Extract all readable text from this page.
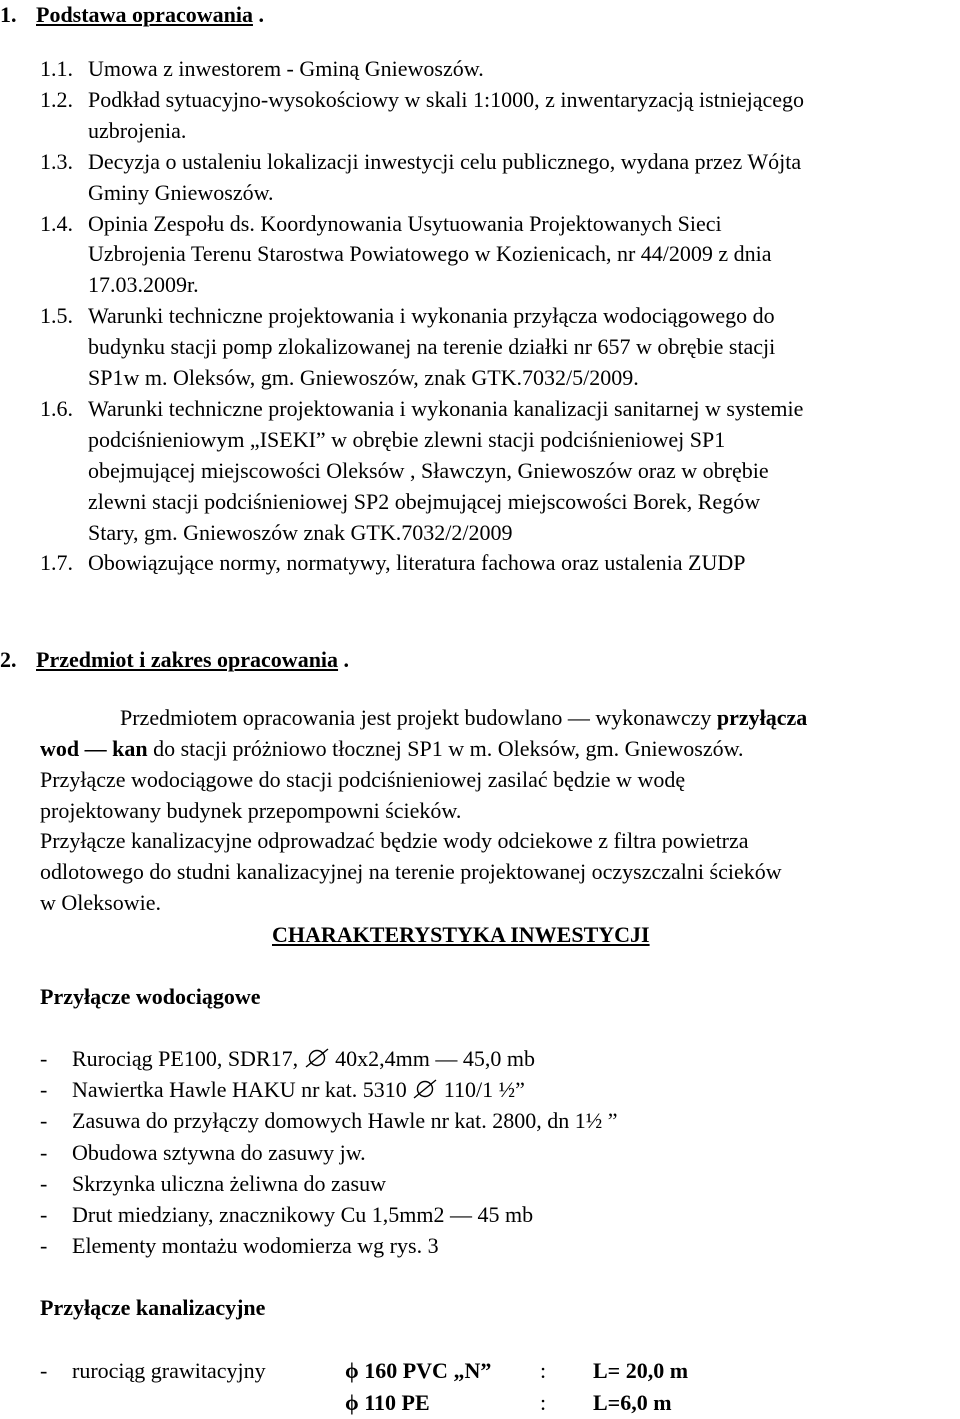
1. Podstawa opracowania .
1.1. Umowa z inwestorem - Gminą Gniewoszów.
1.2. Podkład sytuacyjno-wysokościowy w skali 1:1000, z inwentaryzacją istniejącego
uzbrojenia.
1.3. Decyzja o ustaleniu lokalizacji inwestycji celu publicznego, wydana przez Wójta
Gminy Gniewoszów.
1.4. Opinia Zespołu ds. Koordynowania Usytuowania Projektowanych Sieci
Uzbrojenia Terenu Starostwa Powiatowego w Kozienicach, nr 44/2009 z dnia
17.03.2009r.
1.5. Warunki techniczne projektowania i wykonania przyłącza wodociągowego do
budynku stacji pomp zlokalizowanej na terenie działki nr 657 w obrębie stacji
SP1w m. Oleksów, gm. Gniewoszów, znak GTK.7032/5/2009.
1.6. Warunki techniczne projektowania i wykonania kanalizacji sanitarnej w systemie
podciśnieniowym „ISEKI” w obrębie zlewni stacji podciśnieniowej SP1
obejmującej miejscowości Oleksów , Sławczyn, Gniewoszów oraz w obrębie
zlewni stacji podciśnieniowej SP2 obejmującej miejscowości Borek, Regów
Stary, gm. Gniewoszów znak GTK.7032/2/2009
1.7. Obowiązujące normy, normatywy, literatura fachowa oraz ustalenia ZUDP
2. Przedmiot i zakres opracowania .
Przedmiotem opracowania jest projekt budowlano — wykonawczy przyłącza
wod — kan do stacji próżniowo tłocznej SP1 w m. Oleksów, gm. Gniewoszów.
Przyłącze wodociągowe do stacji podciśnieniowej zasilać będzie w wodę
projektowany budynek przepompowni ścieków.
Przyłącze kanalizacyjne odprowadzać będzie wody odciekowe z filtra powietrza
odlotowego do studni kanalizacyjnej na terenie projektowanej oczyszczalni ścieków
w Oleksowie.
CHARAKTERYSTYKA INWESTYCJI
Przyłącze wodociągowe
- Rurociąg PE100, SDR17,
40x2,4mm — 45,0 mb
- Nawiertka Hawle HAKU nr kat. 5310
110/1 ½”
- Zasuwa do przyłączy domowych Hawle nr kat. 2800, dn 1½ ”
- Obudowa sztywna do zasuwy jw.
- Skrzynka uliczna żeliwna do zasuw
- Drut miedziany, znacznikowy Cu 1,5mm2 — 45 mb
- Elementy montażu wodomierza wg rys. 3
Przyłącze kanalizacyjne
- rurociąg grawitacyjny	ϕ 160 PVC „N” : L= 20,0 m
ϕ 110 PE	: L=6,0 m
